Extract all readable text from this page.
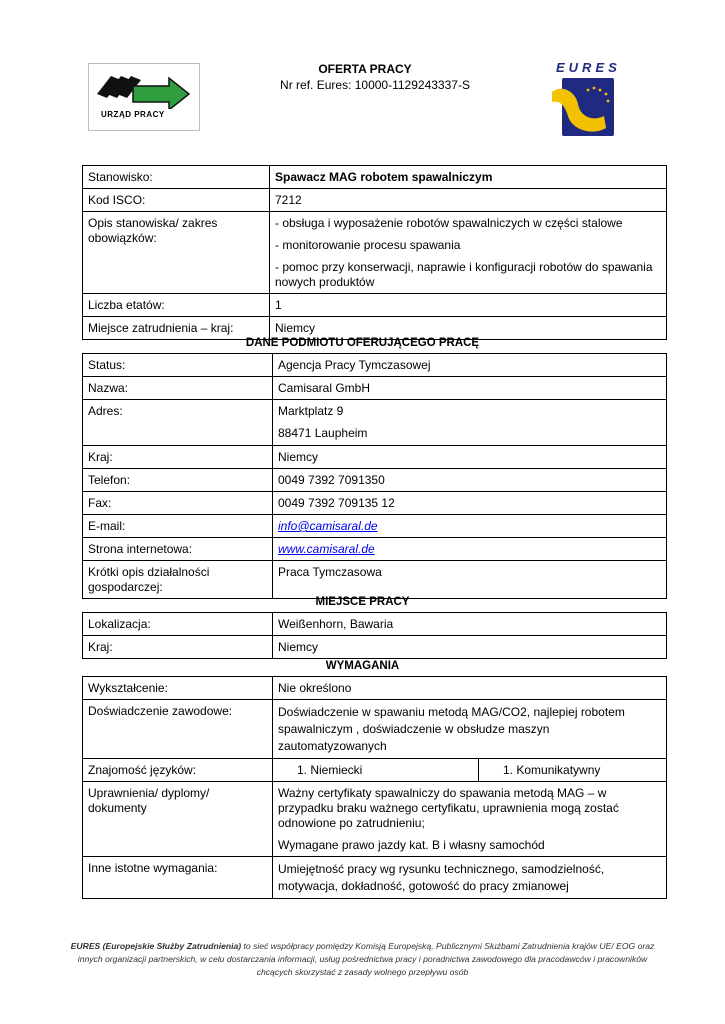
URZĄD PRACY
OFERTA PRACY
Nr ref. Eures: 10000-1129243337-S
EURES
Stanowisko:	Spawacz MAG robotem spawalniczym
Kod ISCO:	7212
Opis stanowiska/ zakres obowiązków:	- obsługa i wyposażenie robotów spawalniczych w części stalowe
- monitorowanie procesu spawania
- pomoc przy konserwacji, naprawie i konfiguracji robotów do spawania nowych produktów

Liczba etatów:	1
Miejsce zatrudnienia – kraj:	Niemcy
DANE PODMIOTU OFERUJĄCEGO PRACĘ
Status:	Agencja Pracy Tymczasowej
Nazwa:	Camisaral GmbH
Adres:	Marktplatz 9
88471 Laupheim

Kraj:	Niemcy
Telefon:	0049 7392 7091350
Fax:	0049 7392 709135 12
E-mail:	info@camisaral.de
Strona internetowa:	www.camisaral.de
Krótki opis działalności gospodarczej:	Praca Tymczasowa
MIEJSCE PRACY
Lokalizacja:	Weißenhorn, Bawaria
Kraj:	Niemcy
WYMAGANIA
Wykształcenie:	Nie określono	
Doświadczenie zawodowe:	Doświadczenie w spawaniu metodą MAG/CO2, najlepiej robotem spawalniczym , doświadczenie w obsłudze maszyn zautomatyzowanych	
Znajomość języków:	1. Niemiecki	1. Komunikatywny
Uprawnienia/ dyplomy/ dokumenty	Ważny certyfikaty spawalniczy do spawania metodą MAG – w przypadku braku ważnego certyfikatu, uprawnienia mogą zostać odnowione po zatrudnieniu;
Wymagane prawo jazdy kat. B i własny samochód	

Inne istotne wymagania:	Umiejętność pracy wg rysunku technicznego, samodzielność, motywacja, dokładność, gotowość do pracy zmianowej	
EURES (Europejskie Służby Zatrudnienia) to sieć współpracy pomiędzy Komisją Europejską, Publicznymi Służbami Zatrudnienia krajów UE/ EOG oraz innych organizacji partnerskich, w celu dostarczania informacji, usług pośrednictwa pracy i poradnictwa zawodowego dla pracodawców i pracowników chcących skorzystać z zasady wolnego przepływu osób
